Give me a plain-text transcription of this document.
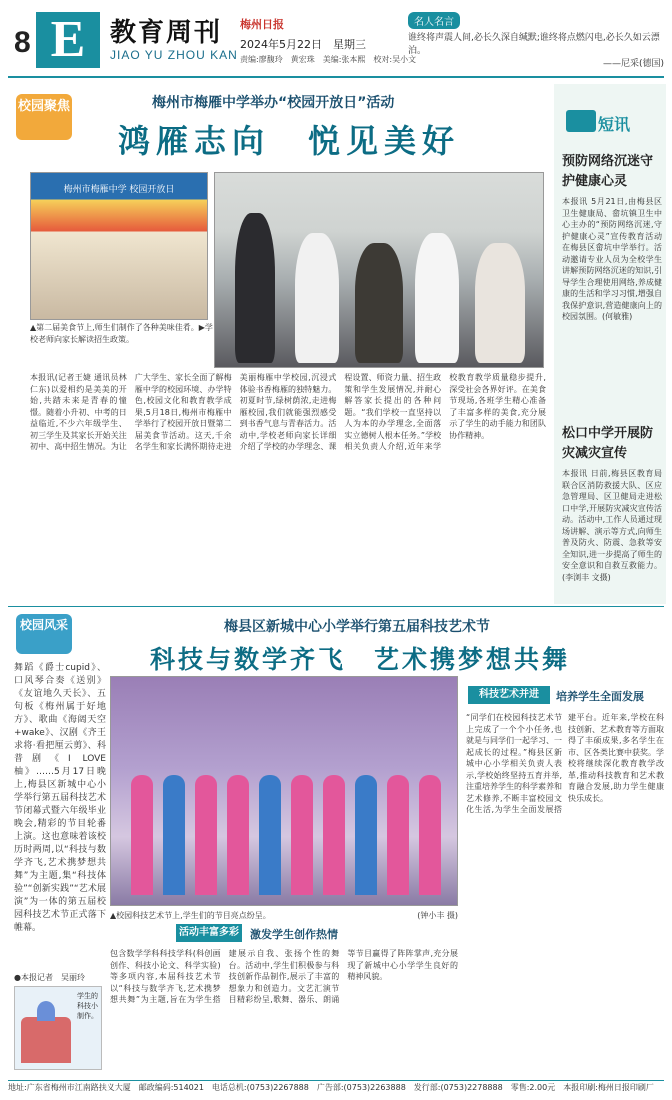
8 E 教育周刊
JIAO YU ZHOU KAN
梅州日报
2024年5月22日　星期三
责编:廖馥玲　黄宏珠　美编:张本熙　校对:吴小文
名人名言
谁终将声震人间,必长久深自缄默;谁终将点燃闪电,必长久如云漂泊。
——尼采(德国)
校园聚焦	梅州市梅雁中学举办“校园开放日”活动
鸿雁志向　悦见美好
梅州市梅雁中学 校园开放日
▲第二届美食节上,师生们制作了各种美味佳肴。▶学校老师向家长解读招生政策。
本报讯(记者王婕 通讯员林仁东)以爱相约是美美的开始,共踏未来是青春的憧憬。随着小升初、中考的日益临近,不少六年级学生、初三学生及其家长开始关注初中、高中招生情况。为让广大学生、家长全面了解梅雁中学的校园环境、办学特色,校园文化和教育教学成果,5月18日,梅州市梅雁中学举行了校园开放日暨第二届美食节活动。这天,千余名学生和家长满怀期待走进美丽梅雁中学校园,沉浸式体验书香梅雁的独特魅力。初夏时节,绿树荫浓,走进梅雁校园,我们就能强烈感受到书香气息与青春活力。活动中,学校老师向家长详细介绍了学校的办学理念、课程设置、师资力量、招生政策和学生发展情况,并耐心解答家长提出的各种问题。“我们学校一直坚持以人为本的办学理念,全面落实立德树人根本任务。”学校相关负责人介绍,近年来学校教育教学质量稳步提升,深受社会各界好评。在美食节现场,各班学生精心准备了丰富多样的美食,充分展示了学生的动手能力和团队协作精神。
短讯
预防网络沉迷守护健康心灵
本报讯 5月21日,由梅县区卫生健康局、畲坑镇卫生中心主办的“预防网络沉迷,守护健康心灵”宣传教育活动在梅县区畲坑中学举行。活动邀请专业人员为全校学生讲解预防网络沉迷的知识,引导学生合理使用网络,养成健康的生活和学习习惯,增强自我保护意识,营造健康向上的校园氛围。(何敏雅)
松口中学开展防灾减灾宣传
本报讯 日前,梅县区教育局联合区消防救援大队、区应急管理局、区卫健局走进松口中学,开展防灾减灾宣传活动。活动中,工作人员通过现场讲解、演示等方式,向师生普及防火、防震、急救等安全知识,进一步提高了师生的安全意识和自救互救能力。(李浏丰 文摄)
校园风采	梅县区新城中心小学举行第五届科技艺术节
科技与数学齐飞　艺术携梦想共舞
舞蹈《爵士cupid》、口风琴合奏《送别》《友谊地久天长》、五句板《梅州属于好地方》、歌曲《海阔天空+wake》、汉剧《齐王求将·看把厘云剪》、科普剧《I LOVE 柚》……5月17日晚上,梅县区新城中心小学举行第五届科技艺术节闭幕式暨六年级毕业晚会,精彩的节目轮番上演。这也意味着该校历时两周,以“科技与数学齐飞,艺术携梦想共舞”为主题,集“科技体验”“创新实践”“艺术展演”为一体的第五届校园科技艺术节正式落下帷幕。
●本报记者　吴丽玲
学生的科技小制作。
▲校园科技艺术节上,学生们的节目亮点纷呈。	(钟小丰 摄)
活动丰富多彩 激发学生创作热情
包含数学学科科技学科(科创画创作、科技小论文、科学实验)等多项内容,本届科技艺术节以“科技与数学齐飞,艺术携梦想共舞”为主题,旨在为学生搭建展示自我、张扬个性的舞台。活动中,学生们积极参与科技创新作品制作,展示了丰富的想象力和创造力。文艺汇演节目精彩纷呈,歌舞、器乐、朗诵等节目赢得了阵阵掌声,充分展现了新城中心小学学生良好的精神风貌。
科技艺术并进	培养学生全面发展
“同学们在校园科技艺术节上完成了一个个小任务,也就是与同学们一起学习、一起成长的过程。”梅县区新城中心小学相关负责人表示,学校始终坚持五育并举,注重培养学生的科学素养和艺术修养,不断丰富校园文化生活,为学生全面发展搭建平台。近年来,学校在科技创新、艺术教育等方面取得了丰硕成果,多名学生在市、区各类比赛中获奖。学校将继续深化教育教学改革,推动科技教育和艺术教育融合发展,助力学生健康快乐成长。
地址:广东省梅州市江南路扶义大厦　邮政编码:514021　电话总机:(0753)2267888　广告部:(0753)2263888　发行部:(0753)2278888　零售:2.00元　本报印刷:梅州日报印刷厂
